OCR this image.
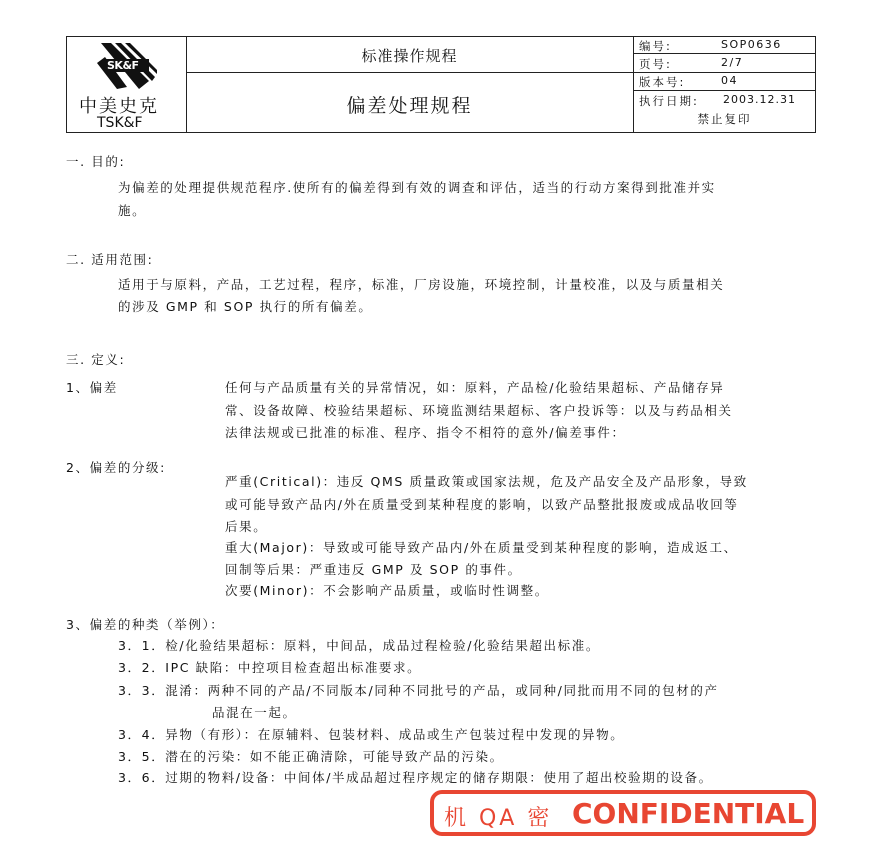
SK&F
中美史克
TSK&F
标准操作规程
偏差处理规程
编号:	SOP0636
页号:	2/7
版本号:	04
执行日期: 2003.12.31
禁止复印
一. 目的:
为偏差的处理提供规范程序.使所有的偏差得到有效的调查和评估，适当的行动方案得到批准并实
施。
二. 适用范围:
适用于与原料，产品，工艺过程，程序，标准，厂房设施，环境控制，计量校准，以及与质量相关
的涉及 GMP 和 SOP 执行的所有偏差。
三. 定义:
1、偏差	任何与产品质量有关的异常情况，如：原料，产品检/化验结果超标、产品储存异
常、设备故障、校验结果超标、环境监测结果超标、客户投诉等：以及与药品相关
法律法规或已批准的标准、程序、指令不相符的意外/偏差事件：
2、偏差的分级:
严重(Critical)：违反 QMS 质量政策或国家法规，危及产品安全及产品形象，导致
或可能导致产品内/外在质量受到某种程度的影响，以致产品整批报废或成品收回等
后果。
重大(Major)：导致或可能导致产品内/外在质量受到某种程度的影响，造成返工、
回制等后果：严重违反 GMP 及 SOP 的事件。
次要(Minor)：不会影响产品质量，或临时性调整。
3、偏差的种类（举例）：
3．1．检/化验结果超标：原料，中间品，成品过程检验/化验结果超出标准。
3．2．IPC 缺陷：中控项目检查超出标准要求。
3．3．混淆：两种不同的产品/不同版本/同种不同批号的产品，或同种/同批而用不同的包材的产
品混在一起。
3．4．异物（有形）：在原辅料、包装材料、成品或生产包装过程中发现的异物。
3．5．潜在的污染：如不能正确清除，可能导致产品的污染。
3．6．过期的物料/设备：中间体/半成品超过程序规定的储存期限：使用了超出校验期的设备。
机 QA 密 CONFIDENTIAL
